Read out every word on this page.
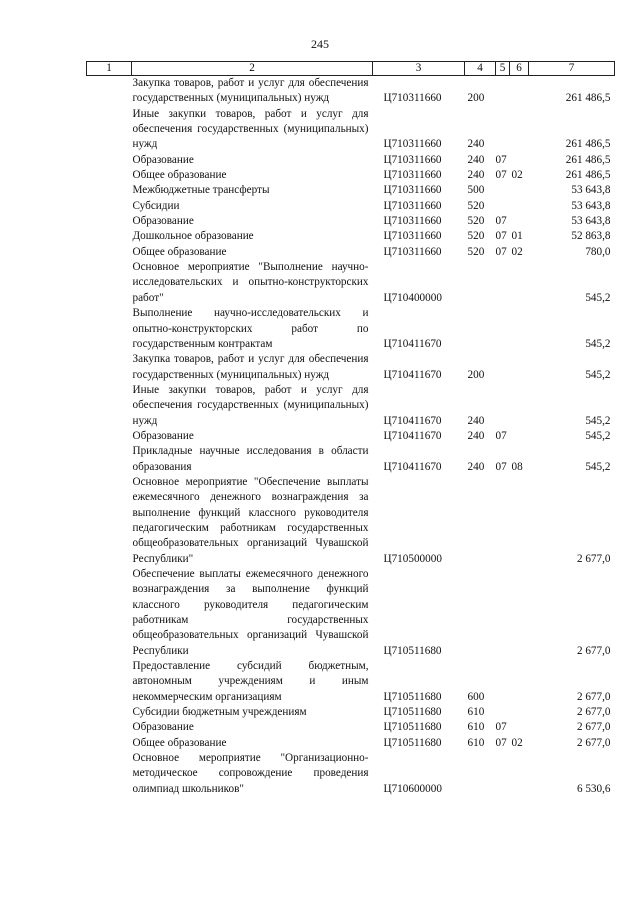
245
1	2	3	4	5	6	7
	Закупка товаров, работ и услуг для обеспечения государственных (муниципальных) нужд	Ц710311660	200			261 486,5
	Иные закупки товаров, работ и услуг для обеспечения государственных (муниципальных) нужд	Ц710311660	240			261 486,5
	Образование	Ц710311660	240	07		261 486,5
	Общее образование	Ц710311660	240	07	02	261 486,5
	Межбюджетные трансферты	Ц710311660	500			53 643,8
	Субсидии	Ц710311660	520			53 643,8
	Образование	Ц710311660	520	07		53 643,8
	Дошкольное образование	Ц710311660	520	07	01	52 863,8
	Общее образование	Ц710311660	520	07	02	780,0
	Основное мероприятие "Выполнение научно-исследовательских и опытно-конструкторских работ"	Ц710400000				545,2
	Выполнение научно-исследовательских и опытно-конструкторских работ по государственным контрактам	Ц710411670				545,2
	Закупка товаров, работ и услуг для обеспечения государственных (муниципальных) нужд	Ц710411670	200			545,2
	Иные закупки товаров, работ и услуг для обеспечения государственных (муниципальных) нужд	Ц710411670	240			545,2
	Образование	Ц710411670	240	07		545,2
	Прикладные научные исследования в области образования	Ц710411670	240	07	08	545,2
	Основное мероприятие "Обеспечение выплаты ежемесячного денежного вознаграждения за выполнение функций классного руководителя педагогическим работникам государственных общеобразовательных организаций Чувашской Республики"	Ц710500000				2 677,0
	Обеспечение выплаты ежемесячного денежного вознаграждения за выполнение функций классного руководителя педагогическим работникам государственных общеобразовательных организаций Чувашской Республики	Ц710511680				2 677,0
	Предоставление субсидий бюджетным, автономным учреждениям и иным некоммерческим организациям	Ц710511680	600			2 677,0
	Субсидии бюджетным учреждениям	Ц710511680	610			2 677,0
	Образование	Ц710511680	610	07		2 677,0
	Общее образование	Ц710511680	610	07	02	2 677,0
	Основное мероприятие "Организационно-методическое сопровождение проведения олимпиад школьников"	Ц710600000				6 530,6
